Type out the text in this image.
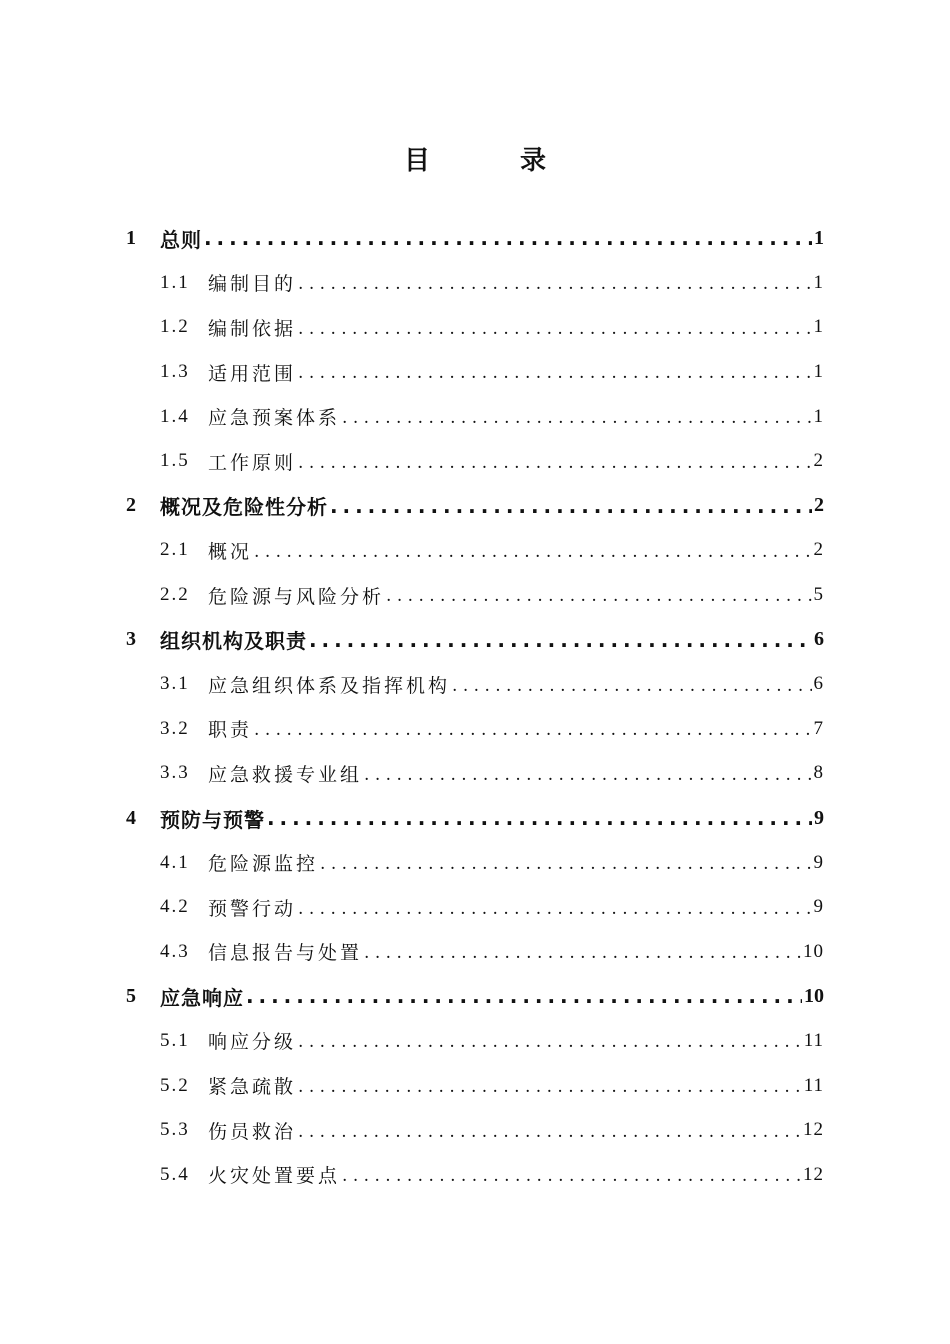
目　录
1	总则 . . .	1
1.1 编制目的 . . .	1
1.2 编制依据 . . .	1
1.3 适用范围 . . .	1
1.4 应急预案体系 . . .	1
1.5 工作原则 . . .	2
2	概况及危险性分析 . . .	2
2.1 概况 . . .	2
2.2 危险源与风险分析 . . .	5
3	组织机构及职责 . . .	6
3.1 应急组织体系及指挥机构 . . .	6
3.2 职责 . . .	7
3.3 应急救援专业组 . . .	8
4	预防与预警 . . .	9
4.1 危险源监控 . . .	9
4.2 预警行动 . . .	9
4.3 信息报告与处置 . . .	10
5	应急响应 . . .	10
5.1 响应分级 . . .	11
5.2 紧急疏散 . . .	11
5.3 伤员救治 . . .	12
5.4 火灾处置要点 . . .	12
